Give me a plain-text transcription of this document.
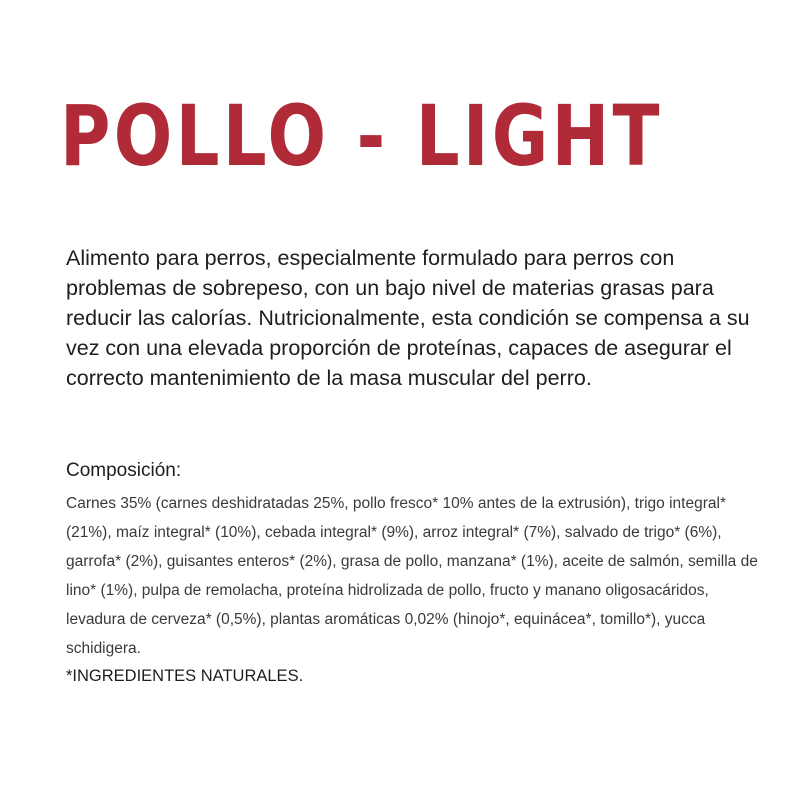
POLLO - LIGHT

Alimento para perros, especialmente formulado para perros con problemas de sobrepeso, con un bajo nivel de materias grasas para reducir las calorías. Nutricionalmente, esta condición se compensa a su vez con una elevada proporción de proteínas, capaces de asegurar el correcto mantenimiento de la masa muscular del perro.

Composición:

Carnes 35% (carnes deshidratadas 25%, pollo fresco* 10% antes de la extrusión), trigo integral* (21%), maíz integral* (10%), cebada integral* (9%), arroz integral* (7%), salvado de trigo* (6%), garrofa* (2%), guisantes enteros* (2%), grasa de pollo, manzana* (1%), aceite de salmón, semilla de lino* (1%), pulpa de remolacha, proteína hidrolizada de pollo, fructo y manano oligosacáridos, levadura de cerveza* (0,5%), plantas aromáticas 0,02% (hinojo*, equinácea*, tomillo*), yucca schidigera.

*INGREDIENTES NATURALES.
